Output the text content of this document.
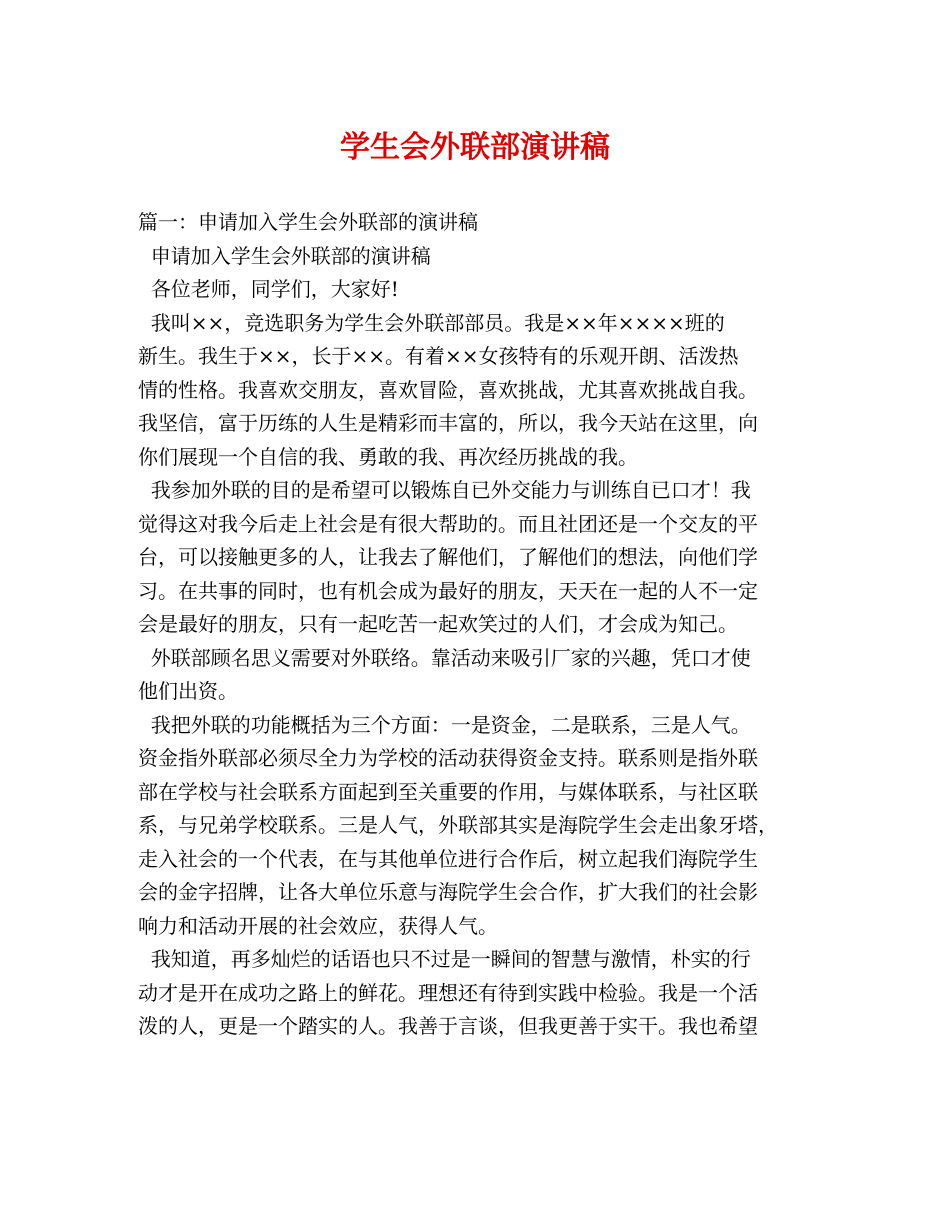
学生会外联部演讲稿
篇一：申请加入学生会外联部的演讲稿
申请加入学生会外联部的演讲稿
各位老师，同学们，大家好!
我叫××，竞选职务为学生会外联部部员。我是××年××××班的
新生。我生于××，长于××。有着××女孩特有的乐观开朗、活泼热
情的性格。我喜欢交朋友，喜欢冒险，喜欢挑战，尤其喜欢挑战自我。
我坚信，富于历练的人生是精彩而丰富的，所以，我今天站在这里，向
你们展现一个自信的我、勇敢的我、再次经历挑战的我。
我参加外联的目的是希望可以锻炼自已外交能力与训练自已口才！我
觉得这对我今后走上社会是有很大帮助的。而且社团还是一个交友的平
台，可以接触更多的人，让我去了解他们，了解他们的想法，向他们学
习。在共事的同时，也有机会成为最好的朋友，天天在一起的人不一定
会是最好的朋友，只有一起吃苦一起欢笑过的人们，才会成为知己。
外联部顾名思义需要对外联络。靠活动来吸引厂家的兴趣，凭口才使
他们出资。
我把外联的功能概括为三个方面：一是资金，二是联系，三是人气。
资金指外联部必须尽全力为学校的活动获得资金支持。联系则是指外联
部在学校与社会联系方面起到至关重要的作用，与媒体联系，与社区联
系，与兄弟学校联系。三是人气，外联部其实是海院学生会走出象牙塔，
走入社会的一个代表，在与其他单位进行合作后，树立起我们海院学生
会的金字招牌，让各大单位乐意与海院学生会合作，扩大我们的社会影
响力和活动开展的社会效应，获得人气。
我知道，再多灿烂的话语也只不过是一瞬间的智慧与激情，朴实的行
动才是开在成功之路上的鲜花。理想还有待到实践中检验。我是一个活
泼的人，更是一个踏实的人。我善于言谈，但我更善于实干。我也希望
